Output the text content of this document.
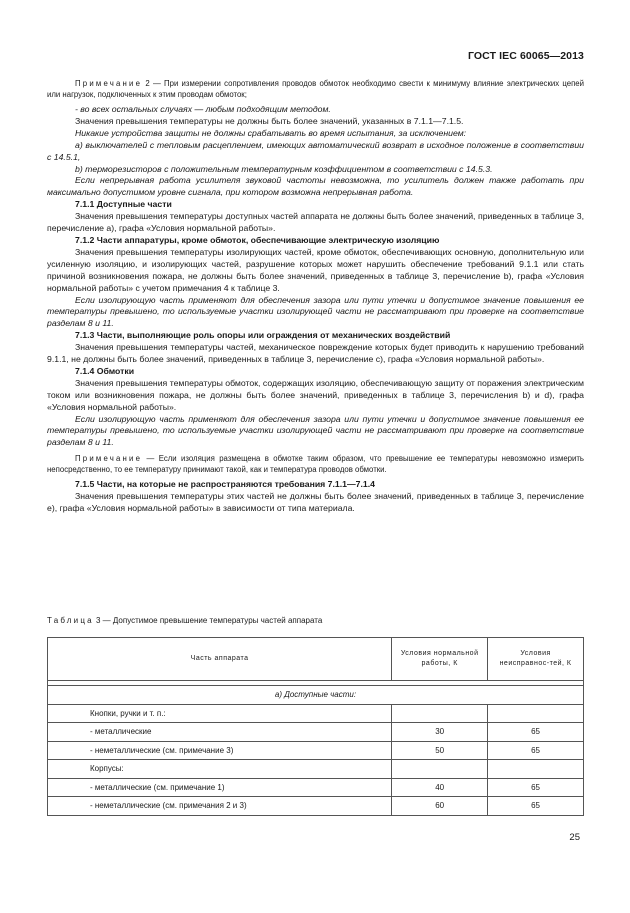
ГОСТ IEC 60065—2013

Примечание 2 — При измерении сопротивления проводов обмоток необходимо свести к минимуму влияние электрических цепей или нагрузок, подключенных к этим проводам обмоток;

- во всех остальных случаях — любым подходящим методом.

Значения превышения температуры не должны быть более значений, указанных в 7.1.1—7.1.5.

Никакие устройства защиты не должны срабатывать во время испытания, за исключением:

a) выключателей с тепловым расцеплением, имеющих автоматический возврат в исходное положение в соответствии с 14.5.1,

b) терморезисторов с положительным температурным коэффициентом в соответствии с 14.5.3.

Если непрерывная работа усилителя звуковой частоты невозможна, то усилитель должен также работать при максимально допустимом уровне сигнала, при котором возможна непрерывная работа.

7.1.1 Доступные части

Значения превышения температуры доступных частей аппарата не должны быть более значений, приведенных в таблице 3, перечисление а), графа «Условия нормальной работы».

7.1.2 Части аппаратуры, кроме обмоток, обеспечивающие электрическую изоляцию

Значения превышения температуры изолирующих частей, кроме обмоток, обеспечивающих основную, дополнительную или усиленную изоляцию, и изолирующих частей, разрушение которых может нарушить обеспечение требований 9.1.1 или стать причиной возникновения пожара, не должны быть более значений, приведенных в таблице 3, перечисление b), графа «Условия нормальной работы» с учетом примечания 4 к таблице 3.

Если изолирующую часть применяют для обеспечения зазора или пути утечки и допустимое значение повышения ее температуры превышено, то используемые участки изолирующей части не рассматривают при проверке на соответствие разделам 8 и 11.

7.1.3 Части, выполняющие роль опоры или ограждения от механических воздействий

Значения превышения температуры частей, механическое повреждение которых будет приводить к нарушению требований 9.1.1, не должны быть более значений, приведенных в таблице 3, перечисление с), графа «Условия нормальной работы».

7.1.4 Обмотки

Значения превышения температуры обмоток, содержащих изоляцию, обеспечивающую защиту от поражения электрическим током или возникновения пожара, не должны быть более значений, приведенных в таблице 3, перечисления b) и d), графа «Условия нормальной работы».

Если изолирующую часть применяют для обеспечения зазора или пути утечки и допустимое значение повышения ее температуры превышено, то используемые участки изолирующей части не рассматривают при проверке на соответствие разделам 8 и 11.

Примечание — Если изоляция размещена в обмотке таким образом, что превышение ее температуры невозможно измерить непосредственно, то ее температуру принимают такой, как и температура проводов обмотки.

7.1.5 Части, на которые не распространяются требования 7.1.1—7.1.4

Значения превышения температуры этих частей не должны быть более значений, приведенных в таблице 3, перечисление е), графа «Условия нормальной работы» в зависимости от типа материала.

Таблица 3 — Допустимое превышение температуры частей аппарата
Часть аппарата	Условия нормальной работы, К	Условия неисправнос-тей, К

а) Доступные части:		
Кнопки, ручки и т. п.:		
- металлические	30	65
- неметаллические (см. примечание 3)	50	65
Корпусы:		
- металлические (см. примечание 1)	40	65
- неметаллические (см. примечания 2 и 3)	60	65
25
